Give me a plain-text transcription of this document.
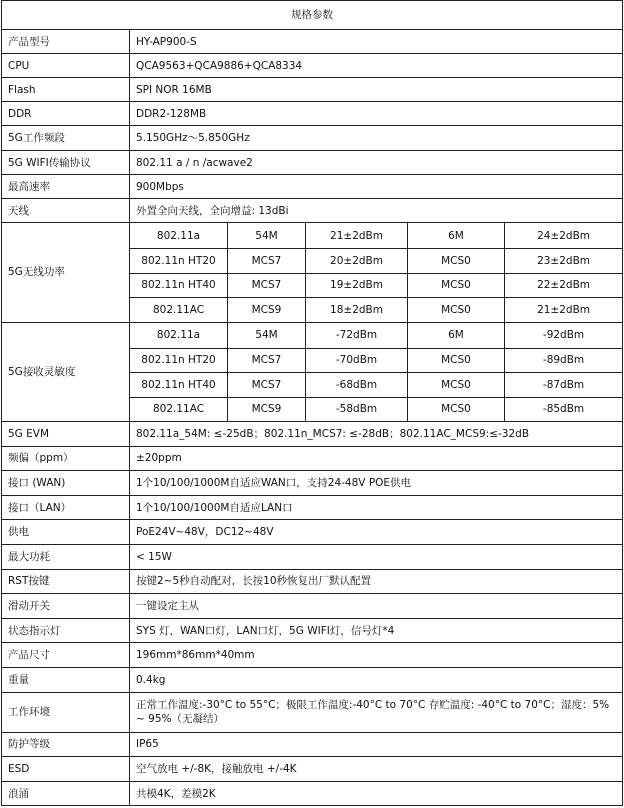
规格参数					
产品型号	HY-AP900-S				
CPU	QCA9563+QCA9886+QCA8334				
Flash	SPI NOR 16MB				
DDR	DDR2-128MB				
5G工作频段	5.150GHz～5.850GHz				
5G WIFI传输协议	802.11 a / n /acwave2				
最高速率	900Mbps				
天线	外置全向天线，全向增益: 13dBi				
5G无线功率	802.11a	54M	21±2dBm	6M	24±2dBm
	802.11n HT20	MCS7	20±2dBm	MCS0	23±2dBm
	802.11n HT40	MCS7	19±2dBm	MCS0	22±2dBm
	802.11AC	MCS9	18±2dBm	MCS0	21±2dBm
5G接收灵敏度	802.11a	54M	-72dBm	6M	-92dBm
	802.11n HT20	MCS7	-70dBm	MCS0	-89dBm
	802.11n HT40	MCS7	-68dBm	MCS0	-87dBm
	802.11AC	MCS9	-58dBm	MCS0	-85dBm
5G EVM	802.11a_54M: ≤-25dB；802.11n_MCS7: ≤-28dB；802.11AC_MCS9:≤-32dB				
频偏（ppm）	±20ppm				
接口 (WAN)	1个10/100/1000M自适应WAN口，支持24-48V POE供电				
接口（LAN）	1个10/100/1000M自适应LAN口				
供电	PoE24V~48V，DC12~48V				
最大功耗	< 15W				
RST按键	按键2~5秒自动配对，长按10秒恢复出厂默认配置				
滑动开关	一键设定主从				
状态指示灯	SYS 灯，WAN口灯，LAN口灯，5G WIFI灯，信号灯*4				
产品尺寸	196mm*86mm*40mm				
重量	0.4kg				
工作环境	正常工作温度:-30°C to 55°C；极限工作温度:-40°C to 70°C 存贮温度: -40°C to 70°C；湿度：5% ~ 95%（无凝结）				
防护等级	IP65				
ESD	空气放电 +/-8K，接触放电 +/-4K				
浪涌	共模4K，差模2K				
